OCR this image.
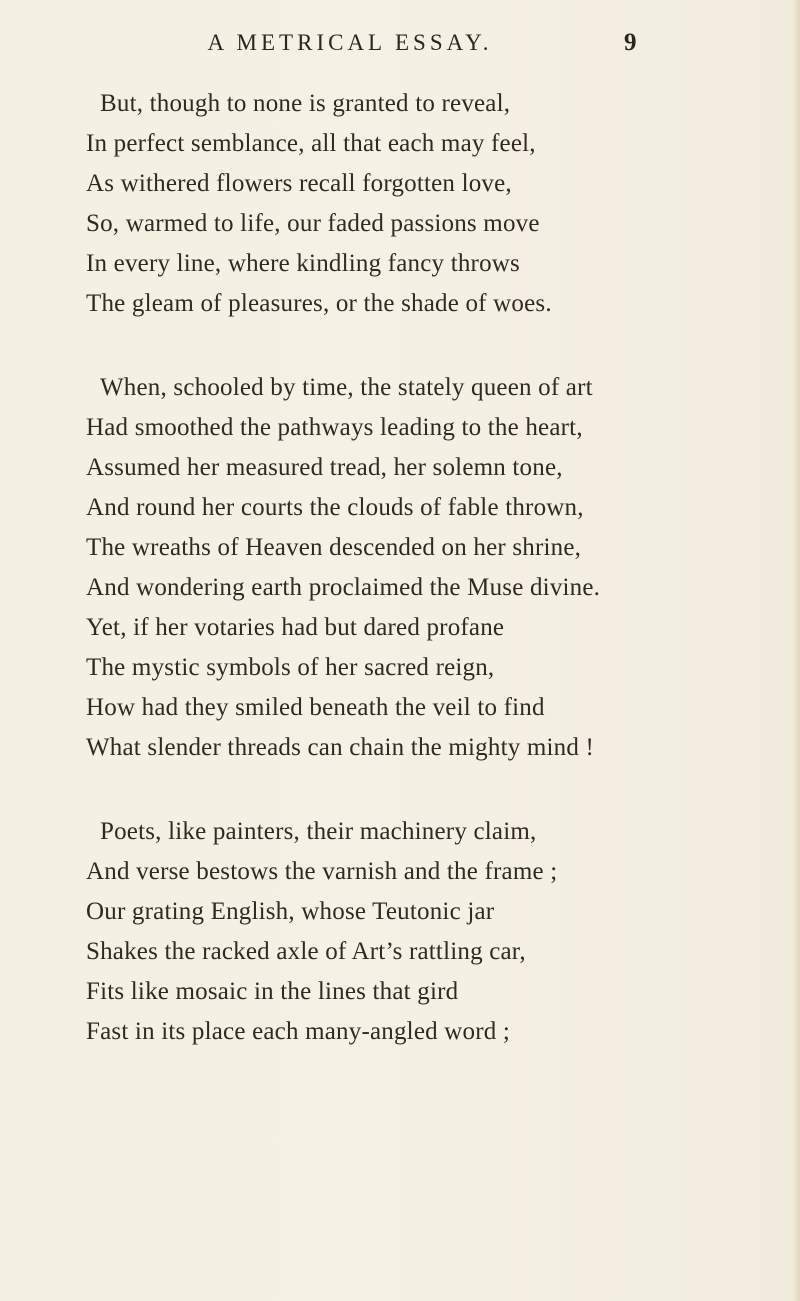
A METRICAL ESSAY.	9
But, though to none is granted to reveal,
In perfect semblance, all that each may feel,
As withered flowers recall forgotten love,
So, warmed to life, our faded passions move
In every line, where kindling fancy throws
The gleam of pleasures, or the shade of woes.
When, schooled by time, the stately queen of art
Had smoothed the pathways leading to the heart,
Assumed her measured tread, her solemn tone,
And round her courts the clouds of fable thrown,
The wreaths of Heaven descended on her shrine,
And wondering earth proclaimed the Muse divine.
Yet, if her votaries had but dared profane
The mystic symbols of her sacred reign,
How had they smiled beneath the veil to find
What slender threads can chain the mighty mind !
Poets, like painters, their machinery claim,
And verse bestows the varnish and the frame ;
Our grating English, whose Teutonic jar
Shakes the racked axle of Art’s rattling car,
Fits like mosaic in the lines that gird
Fast in its place each many-angled word ;
